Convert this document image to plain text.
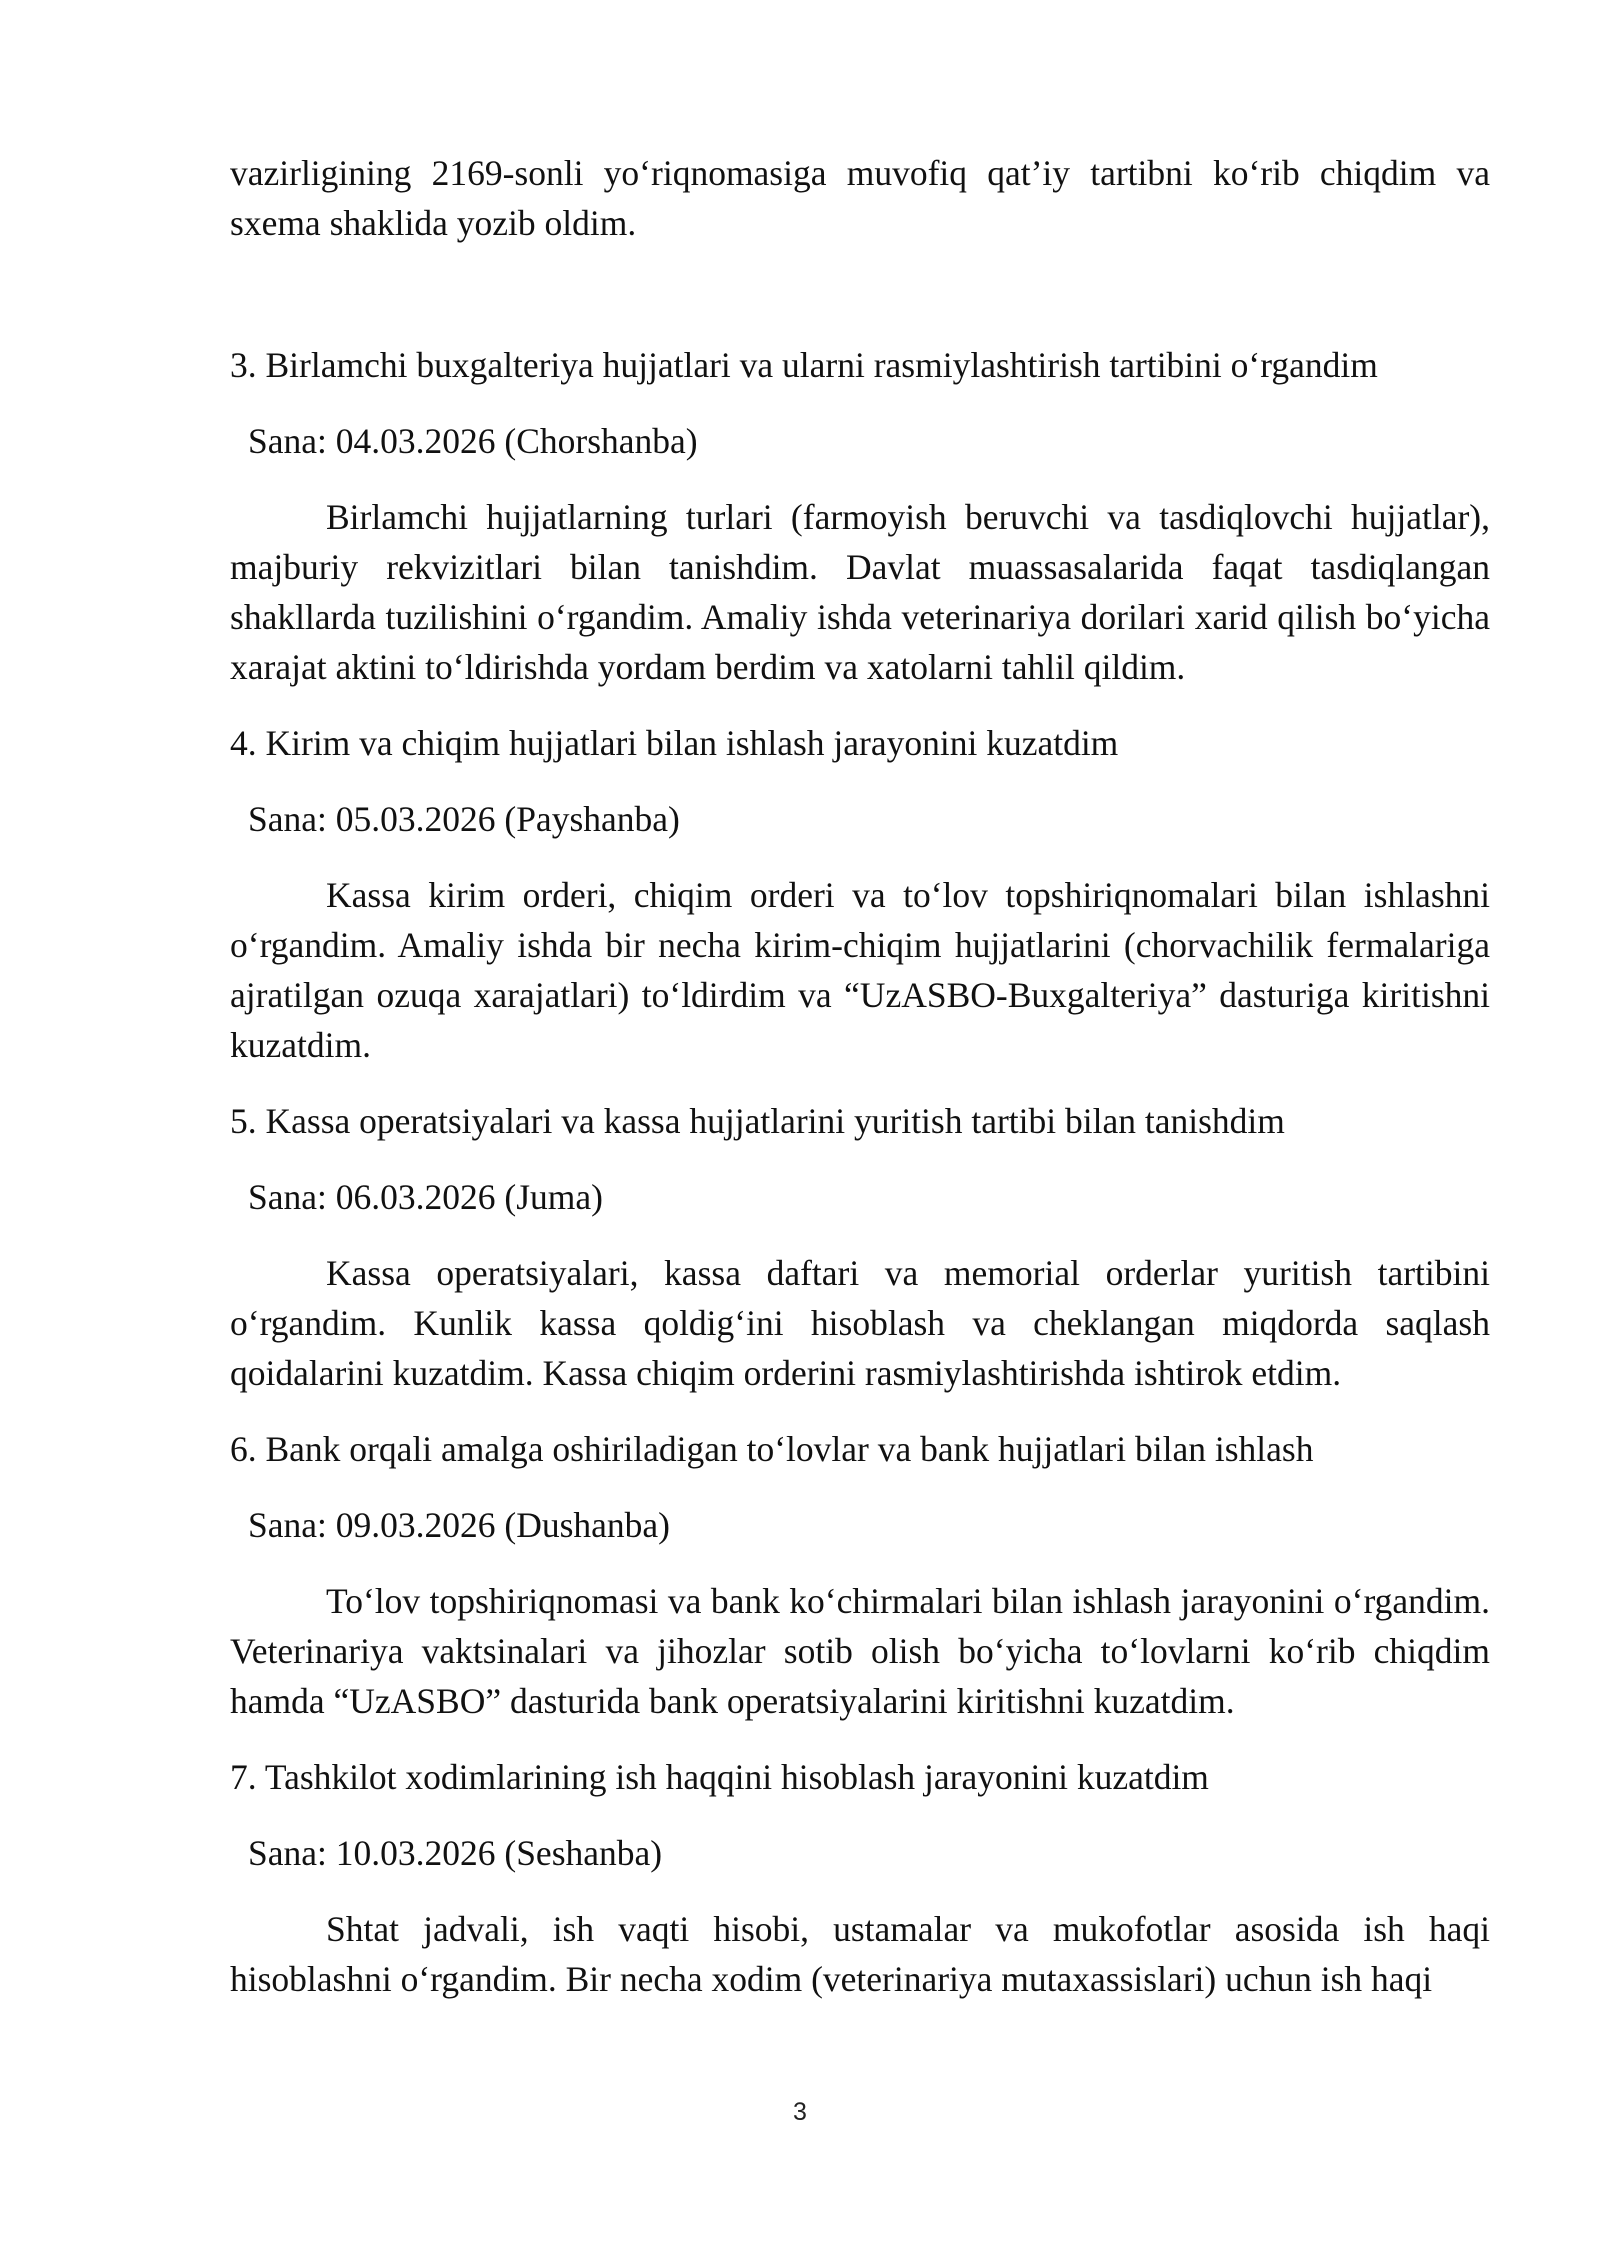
vazirligining 2169-sonli yo‘riqnomasiga muvofiq qat’iy tartibni ko‘rib chiqdim va sxema shaklida yozib oldim.

3. Birlamchi buxgalteriya hujjatlari va ularni rasmiylashtirish tartibini o‘rgandim

Sana: 04.03.2026 (Chorshanba)

Birlamchi hujjatlarning turlari (farmoyish beruvchi va tasdiqlovchi hujjatlar), majburiy rekvizitlari bilan tanishdim. Davlat muassasalarida faqat tasdiqlangan shakllarda tuzilishini o‘rgandim. Amaliy ishda veterinariya dorilari xarid qilish bo‘yicha xarajat aktini to‘ldirishda yordam berdim va xatolarni tahlil qildim.

4. Kirim va chiqim hujjatlari bilan ishlash jarayonini kuzatdim

Sana: 05.03.2026 (Payshanba)

Kassa kirim orderi, chiqim orderi va to‘lov topshiriqnomalari bilan ishlashni o‘rgandim. Amaliy ishda bir necha kirim-chiqim hujjatlarini (chorvachilik fermalariga ajratilgan ozuqa xarajatlari) to‘ldirdim va “UzASBO-Buxgalteriya” dasturiga kiritishni kuzatdim.

5. Kassa operatsiyalari va kassa hujjatlarini yuritish tartibi bilan tanishdim

Sana: 06.03.2026 (Juma)

Kassa operatsiyalari, kassa daftari va memorial orderlar yuritish tartibini o‘rgandim. Kunlik kassa qoldig‘ini hisoblash va cheklangan miqdorda saqlash qoidalarini kuzatdim. Kassa chiqim orderini rasmiylashtirishda ishtirok etdim.

6. Bank orqali amalga oshiriladigan to‘lovlar va bank hujjatlari bilan ishlash

Sana: 09.03.2026 (Dushanba)

To‘lov topshiriqnomasi va bank ko‘chirmalari bilan ishlash jarayonini o‘rgandim. Veterinariya vaktsinalari va jihozlar sotib olish bo‘yicha to‘lovlarni ko‘rib chiqdim hamda “UzASBO” dasturida bank operatsiyalarini kiritishni kuzatdim.

7. Tashkilot xodimlarining ish haqqini hisoblash jarayonini kuzatdim

Sana: 10.03.2026 (Seshanba)

Shtat jadvali, ish vaqti hisobi, ustamalar va mukofotlar asosida ish haqi hisoblashni o‘rgandim. Bir necha xodim (veterinariya mutaxassislari) uchun ish haqi

3
